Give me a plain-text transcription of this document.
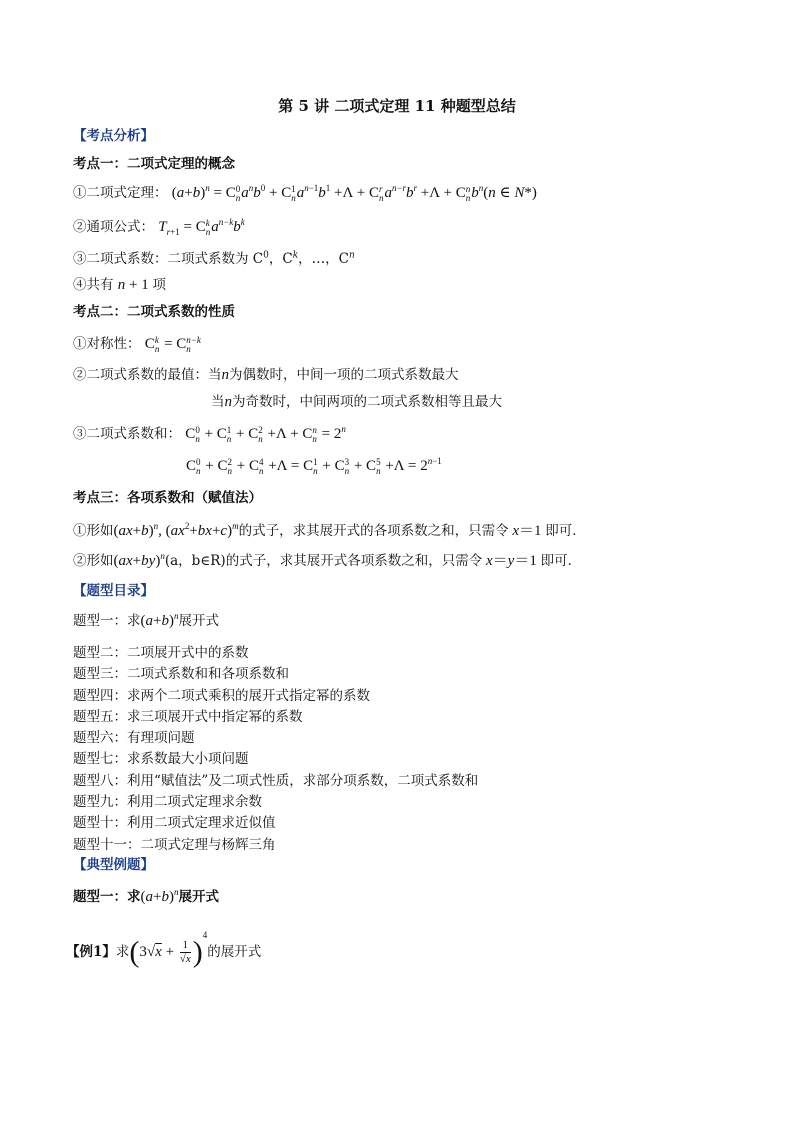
第 5 讲 二项式定理 11 种题型总结
【考点分析】
考点一：二项式定理的概念
①二项式定理： $(a+b)^n = C$ 0
n $a^nb^0 + C$ 1
n $a^{n-1}b^1 +\Lambda + C$ r
n $a^{n-r}b^r +\Lambda + C$ n
n $b^n(n$ ∈ N*)
②通项公式： $T_{r+1} = C$ k
n $a^{n-k}b^k$
③二项式系数：二项式系数为 $C^0$，$C^k$，…，$C^n$
④共有 n + 1 项
考点二：二项式系数的性质
①对称性： C k
n = C n−k
n
②二项式系数的最值：当n为偶数时，中间一项的二项式系数最大
当n为奇数时，中间两项的二项式系数相等且最大
③二项式系数和： C 0
n + C 1
n + C 2
n +Λ + C n
$n = 2^n$
C 0
n + C 2
n + C 4
n +Λ = C 1
n + C 3
n + C 5
$n +\Lambda = 2^{n-1}$
考点三：各项系数和（赋值法）
①形如$(ax+b)^n$, $(ax^2+bx+c)^m$的式子，求其展开式的各项系数之和，只需令 x＝1 即可．
②形如$(ax+by)^n(a$，b∈R)的式子，求其展开式各项系数之和，只需令 x＝y＝1 即可．
【题型目录】
题型一：求$(a+b)^n$展开式
题型二：二项展开式中的系数
题型三：二项式系数和和各项系数和
题型四：求两个二项式乘积的展开式指定幂的系数
题型五：求三项展开式中指定幂的系数
题型六：有理项问题
题型七：求系数最大小项问题
题型八：利用“赋值法”及二项式性质，求部分项系数，二项式系数和
题型九：利用二项式定理求余数
题型十：利用二项式定理求近似值
题型十一：二项式定理与杨辉三角
【典型例题】
题型一：求$(a+b)^n$展开式
【例1】求$(3√x + \frac{1}{√x} )^4$的展开式
